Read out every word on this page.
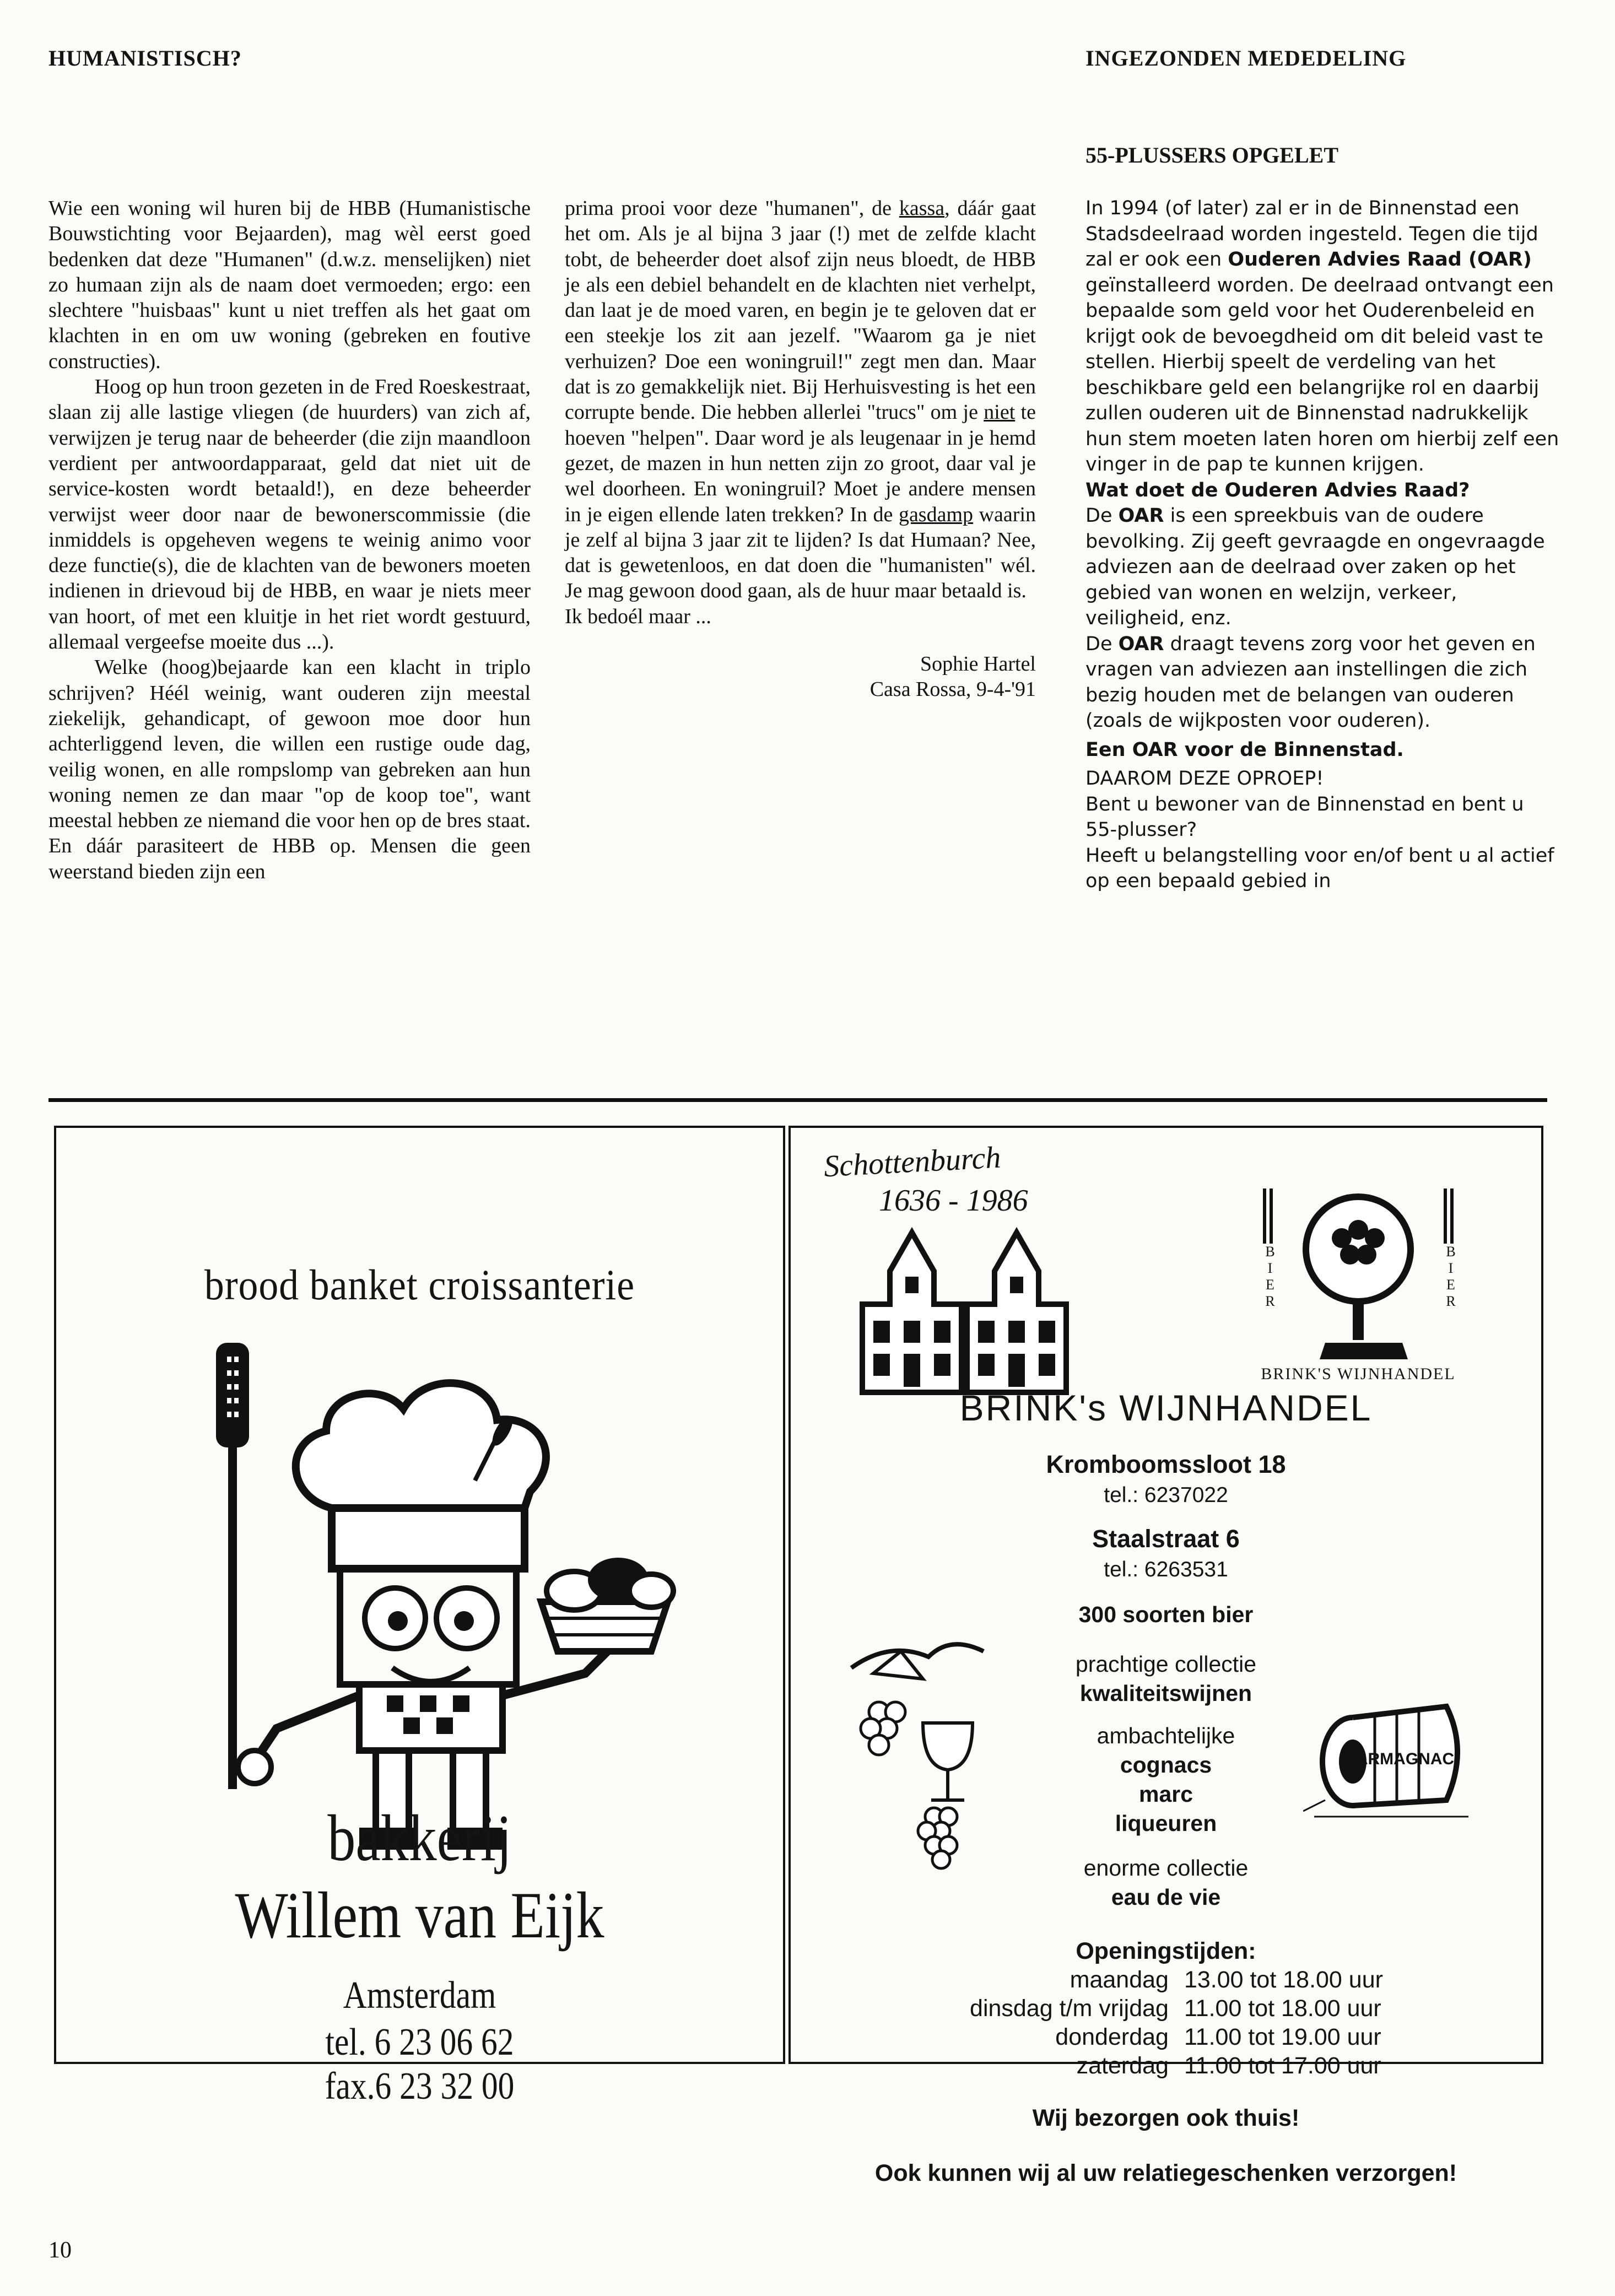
HUMANISTISCH?	INGEZONDEN MEDEDELING
55-PLUSSERS OPGELET

Wie een woning wil huren bij de HBB (Humanistische Bouwstichting voor Bejaarden), mag wèl eerst goed bedenken dat deze "Humanen" (d.w.z. menselijken) niet zo humaan zijn als de naam doet vermoeden; ergo: een slechtere "huisbaas" kunt u niet treffen als het gaat om klachten in en om uw woning (gebreken en foutive constructies).

Hoog op hun troon gezeten in de Fred Roeskestraat, slaan zij alle lastige vliegen (de huurders) van zich af, verwijzen je terug naar de beheerder (die zijn maandloon verdient per antwoordapparaat, geld dat niet uit de service-kosten wordt betaald!), en deze beheerder verwijst weer door naar de bewonerscommissie (die inmiddels is opgeheven wegens te weinig animo voor deze functie(s), die de klachten van de bewoners moeten indienen in drievoud bij de HBB, en waar je niets meer van hoort, of met een kluitje in het riet wordt gestuurd, allemaal vergeefse moeite dus ...).

Welke (hoog)bejaarde kan een klacht in triplo schrijven? Héél weinig, want ouderen zijn meestal ziekelijk, gehandicapt, of gewoon moe door hun achterliggend leven, die willen een rustige oude dag, veilig wonen, en alle rompslomp van gebreken aan hun woning nemen ze dan maar "op de koop toe", want meestal hebben ze niemand die voor hen op de bres staat. En dáár parasiteert de HBB op. Mensen die geen weerstand bieden zijn een

prima prooi voor deze "humanen", de kassa, dáár gaat het om. Als je al bijna 3 jaar (!) met de zelfde klacht tobt, de beheerder doet alsof zijn neus bloedt, de HBB je als een debiel behandelt en de klachten niet verhelpt, dan laat je de moed varen, en begin je te geloven dat er een steekje los zit aan jezelf. "Waarom ga je niet verhuizen? Doe een woningruil!" zegt men dan. Maar dat is zo gemakkelijk niet. Bij Herhuisvesting is het een corrupte bende. Die hebben allerlei "trucs" om je niet te hoeven "helpen". Daar word je als leugenaar in je hemd gezet, de mazen in hun netten zijn zo groot, daar val je wel doorheen. En woningruil? Moet je andere mensen in je eigen ellende laten trekken? In de gasdamp waarin je zelf al bijna 3 jaar zit te lijden? Is dat Humaan? Nee, dat is gewetenloos, en dat doen die "humanisten" wél. Je mag gewoon dood gaan, als de huur maar betaald is.

Ik bedoél maar ...

Sophie Hartel

Casa Rossa, 9-4-'91

In 1994 (of later) zal er in de Binnenstad een Stadsdeelraad worden ingesteld. Tegen die tijd zal er ook een Ouderen Advies Raad (OAR) geïnstalleerd worden. De deelraad ontvangt een bepaalde som geld voor het Ouderenbeleid en krijgt ook de bevoegdheid om dit beleid vast te stellen. Hierbij speelt de verdeling van het beschikbare geld een belangrijke rol en daarbij zullen ouderen uit de Binnenstad nadrukkelijk hun stem moeten laten horen om hierbij zelf een vinger in de pap te kunnen krijgen.

Wat doet de Ouderen Advies Raad?

De OAR is een spreekbuis van de oudere bevolking. Zij geeft gevraagde en ongevraagde adviezen aan de deelraad over zaken op het gebied van wonen en welzijn, verkeer, veiligheid, enz.

De OAR draagt tevens zorg voor het geven en vragen van adviezen aan instellingen die zich bezig houden met de belangen van ouderen (zoals de wijkposten voor ouderen).

Een OAR voor de Binnenstad.

DAAROM DEZE OPROEP!

Bent u bewoner van de Binnenstad en bent u 55-plusser?

Heeft u belangstelling voor en/of bent u al actief op een bepaald gebied in

brood banket croissanterie
bakkerij
Willem van Eijk
Amsterdam
tel. 6 23 06 62
fax.6 23 32 00
Schottenburch
1636 - 1986
BIER
BIER
BRINK'S WIJNHANDEL
BRINK's WIJNHANDEL
Kromboomssloot 18
tel.: 6237022
Staalstraat 6
tel.: 6263531
300 soorten bier
prachtige collectie
kwaliteitswijnen
ambachtelijke
cognacs
marc
liqueuren
enorme collectie
eau de vie
ARMAGNAC
Openingstijden:
maandag	13.00 tot 18.00 uur
dinsdag t/m vrijdag	11.00 tot 18.00 uur
donderdag	11.00 tot 19.00 uur
zaterdag	11.00 tot 17.00 uur
Wij bezorgen ook thuis!
Ook kunnen wij al uw relatiegeschenken verzorgen!
10
